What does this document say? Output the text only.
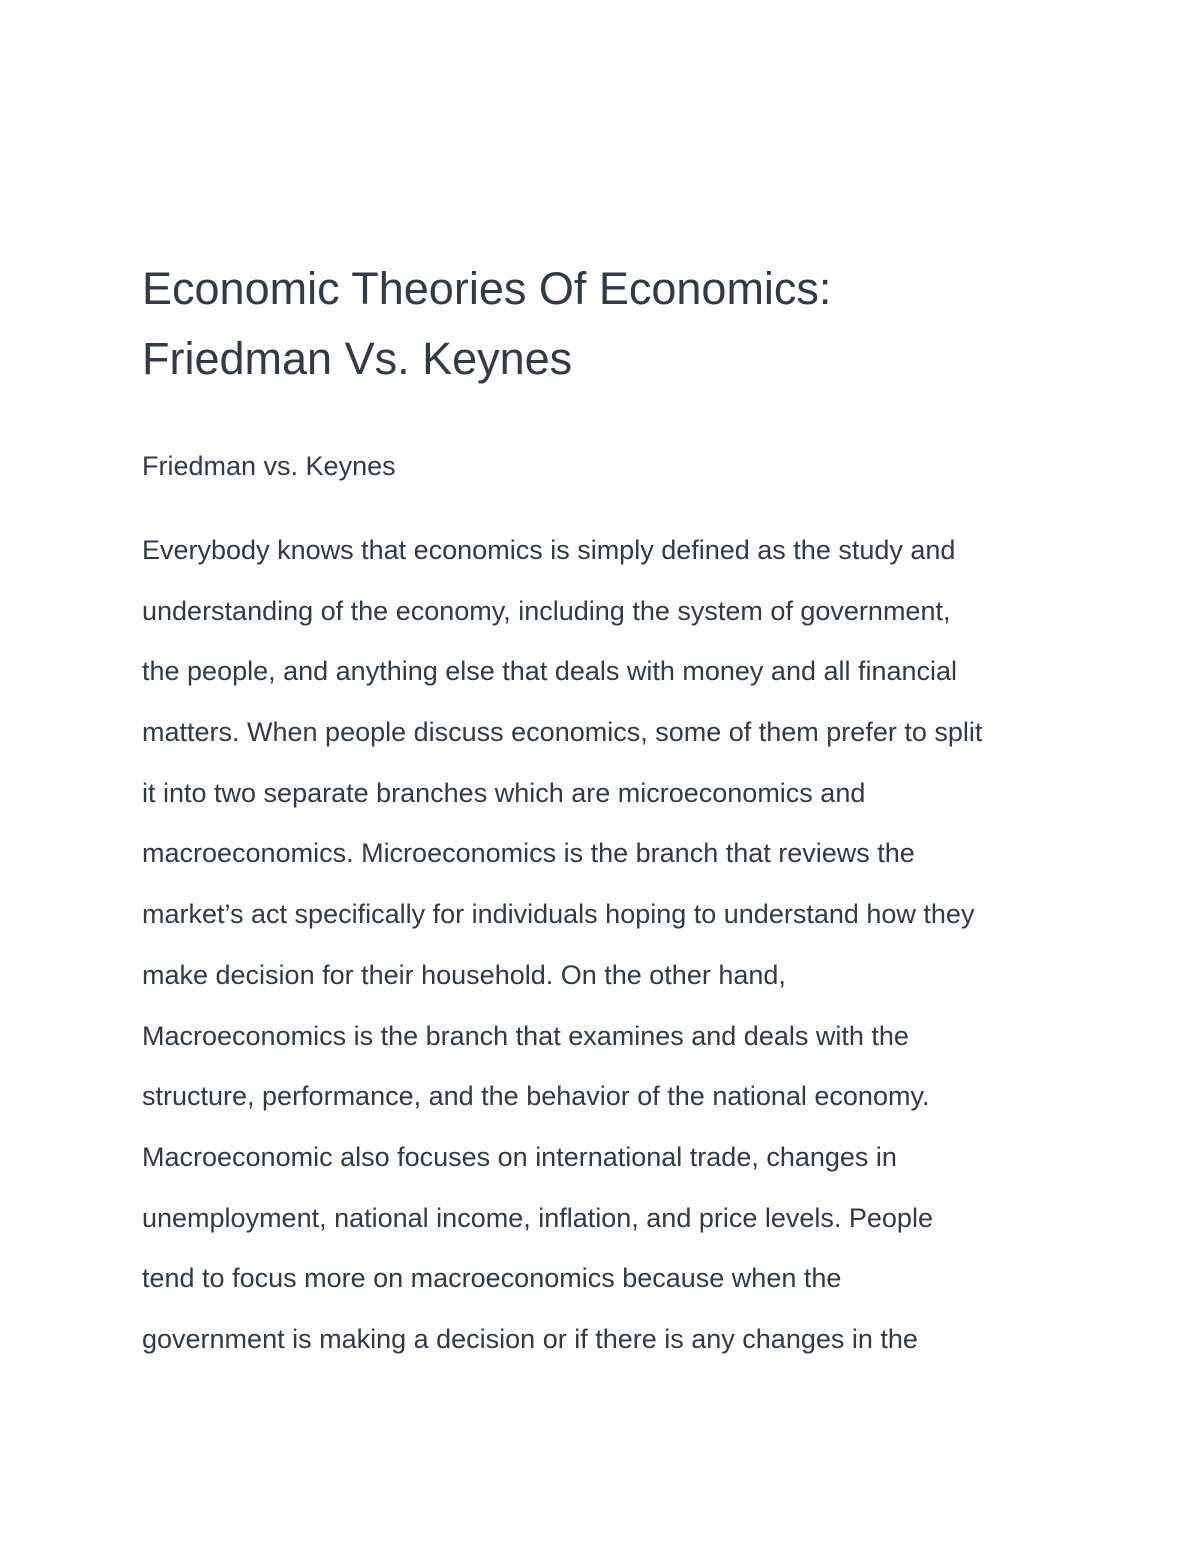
Economic Theories Of Economics:
Friedman Vs. Keynes

Friedman vs. Keynes

Everybody knows that economics is simply defined as the study and
understanding of the economy, including the system of government,
the people, and anything else that deals with money and all financial
matters. When people discuss economics, some of them prefer to split
it into two separate branches which are microeconomics and
macroeconomics. Microeconomics is the branch that reviews the
market’s act specifically for individuals hoping to understand how they
make decision for their household. On the other hand,
Macroeconomics is the branch that examines and deals with the
structure, performance, and the behavior of the national economy.
Macroeconomic also focuses on international trade, changes in
unemployment, national income, inflation, and price levels. People
tend to focus more on macroeconomics because when the
government is making a decision or if there is any changes in the
